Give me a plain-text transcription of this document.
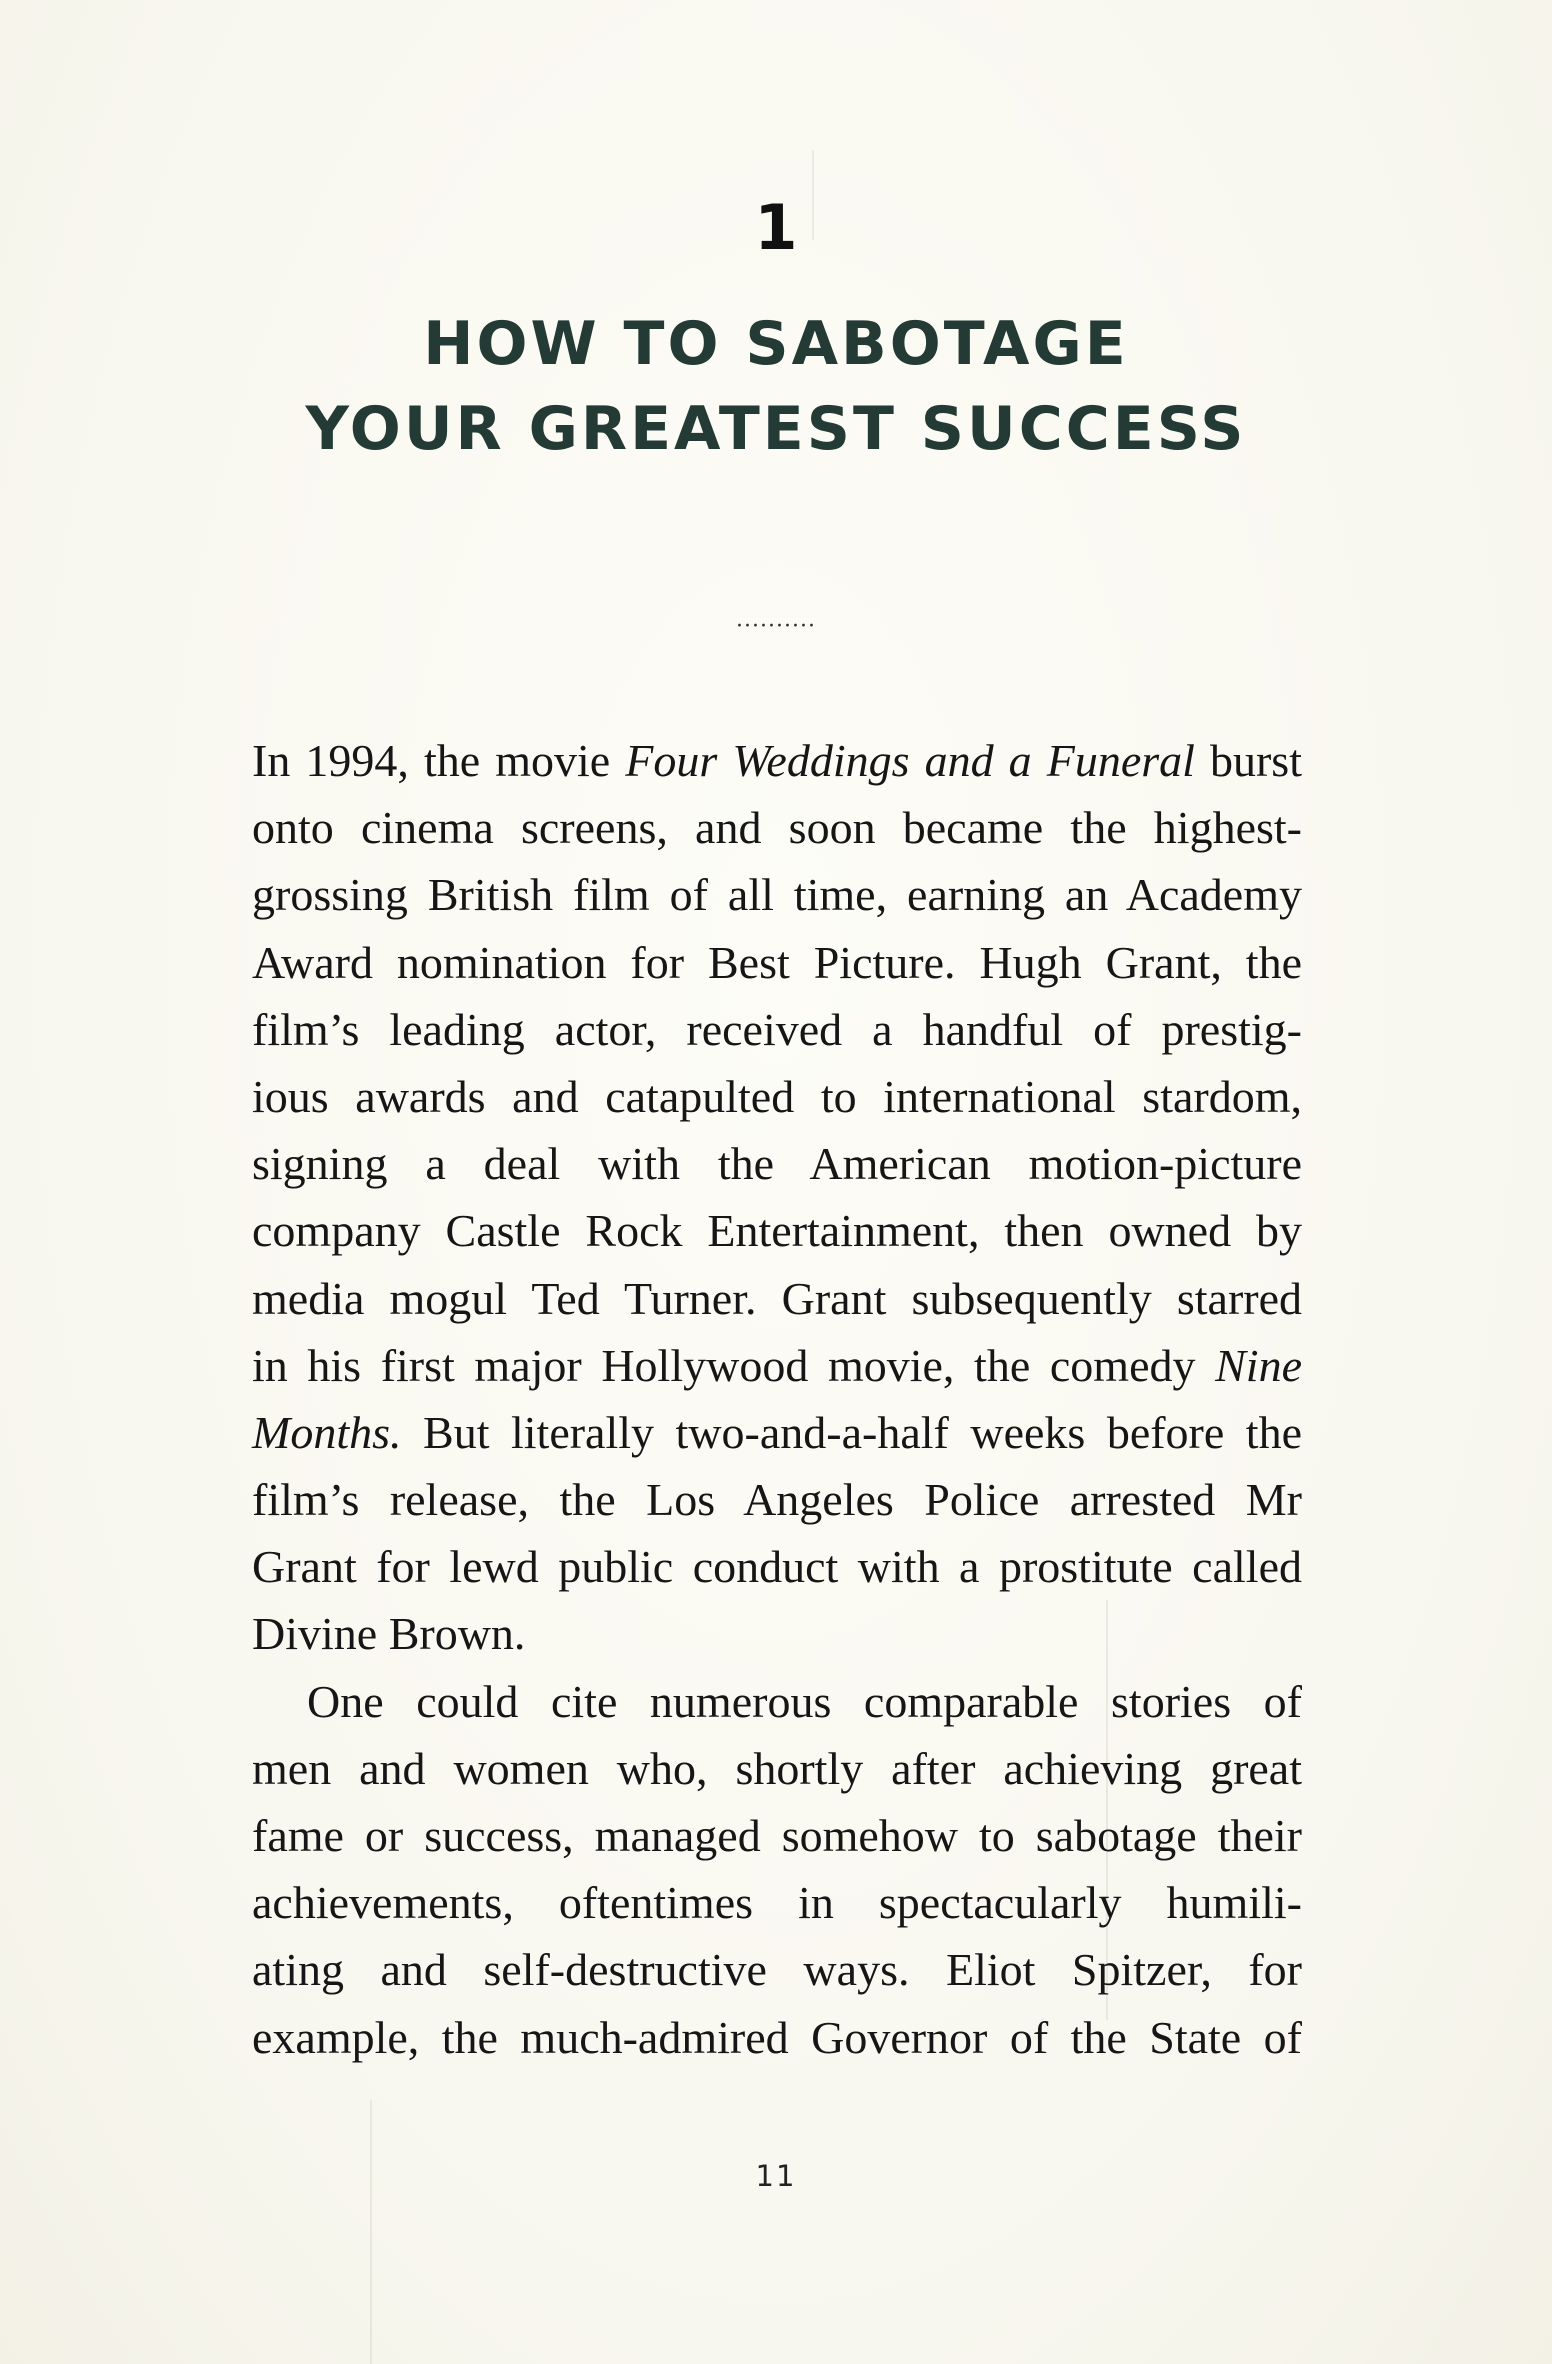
1
HOW TO SABOTAGE
YOUR GREATEST SUCCESS
··········
In 1994, the movie Four Weddings and a Funeral burst
onto cinema screens, and soon became the highest-
grossing British film of all time, earning an Academy
Award nomination for Best Picture. Hugh Grant, the
film’s leading actor, received a handful of prestig-
ious awards and catapulted to international stardom,
signing a deal with the American motion-picture
company Castle Rock Entertainment, then owned by
media mogul Ted Turner. Grant subsequently starred
in his first major Hollywood movie, the comedy Nine
Months. But literally two-and-a-half weeks before the
film’s release, the Los Angeles Police arrested Mr
Grant for lewd public conduct with a prostitute called
Divine Brown.
One could cite numerous comparable stories of
men and women who, shortly after achieving great
fame or success, managed somehow to sabotage their
achievements, oftentimes in spectacularly humili-
ating and self-destructive ways. Eliot Spitzer, for
example, the much-admired Governor of the State of
11
